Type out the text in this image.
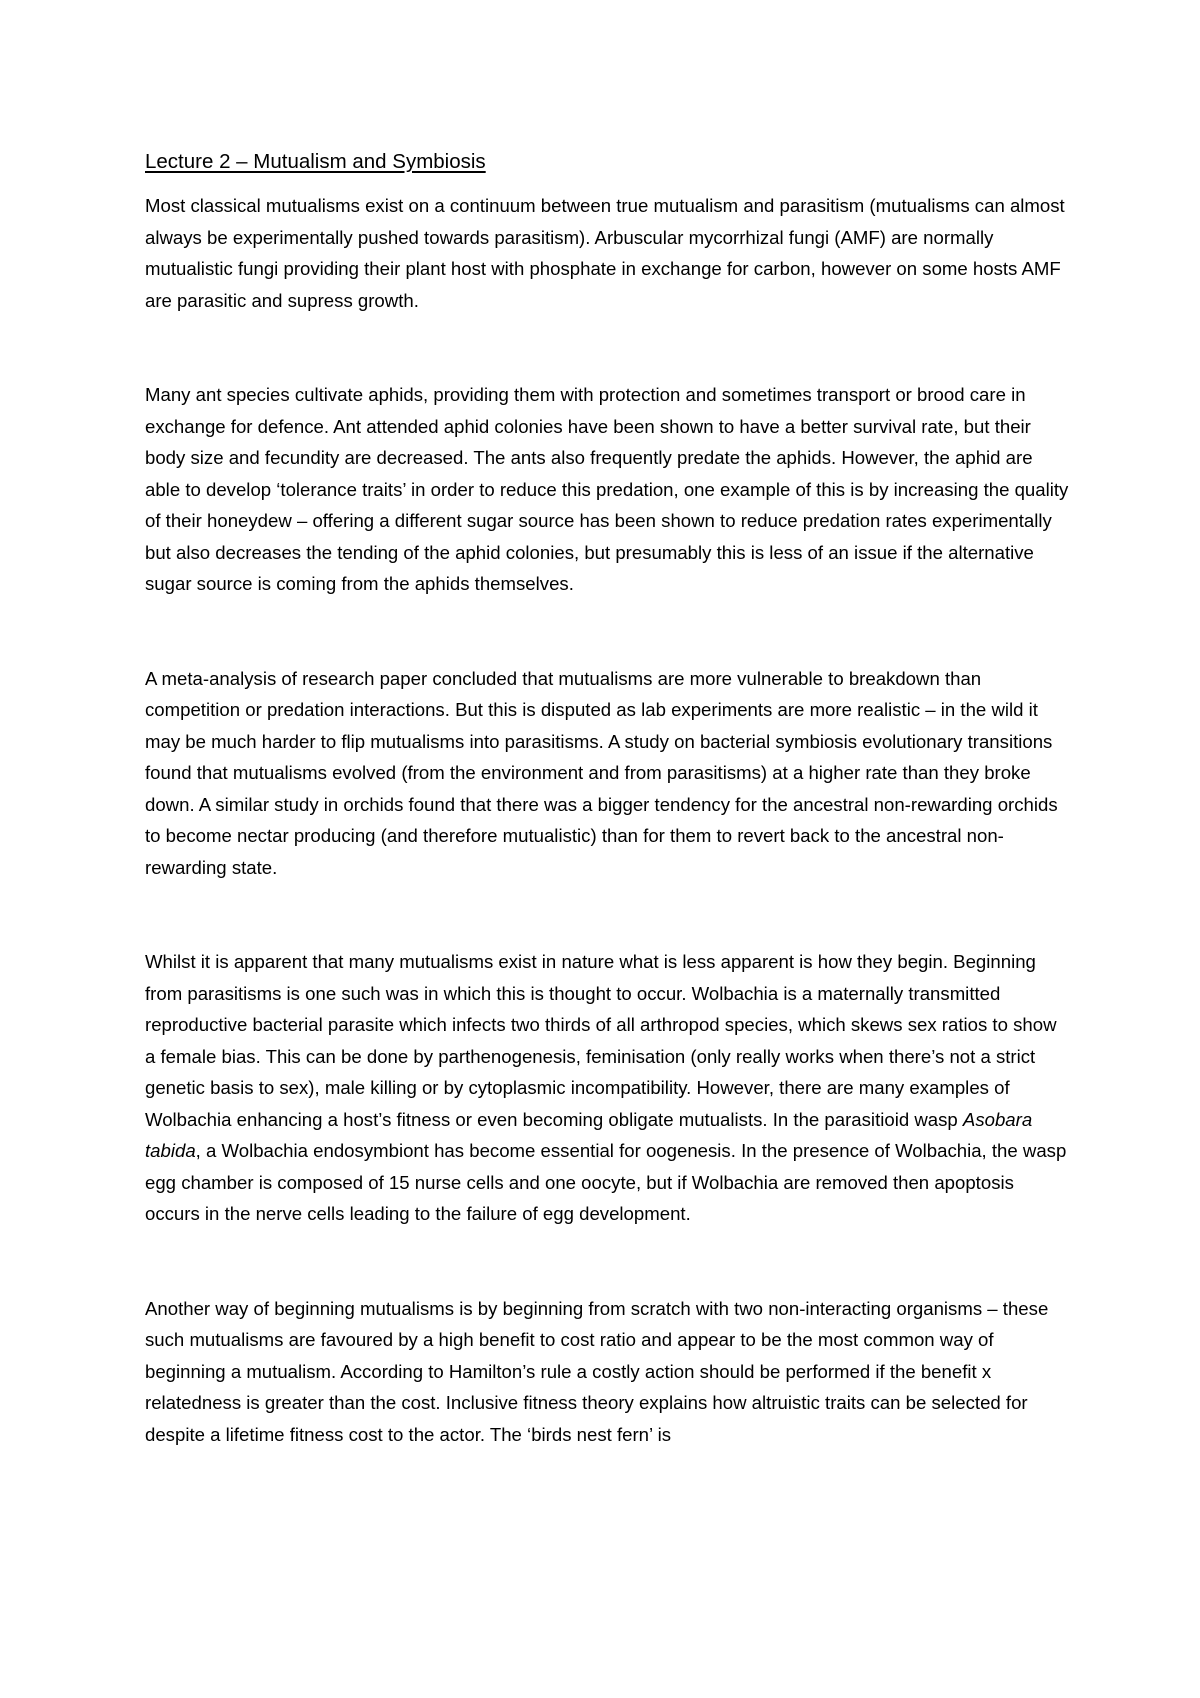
Lecture 2 – Mutualism and Symbiosis

Most classical mutualisms exist on a continuum between true mutualism and parasitism (mutualisms can almost always be experimentally pushed towards parasitism). Arbuscular mycorrhizal fungi (AMF) are normally mutualistic fungi providing their plant host with phosphate in exchange for carbon, however on some hosts AMF are parasitic and supress growth.

Many ant species cultivate aphids, providing them with protection and sometimes transport or brood care in exchange for defence. Ant attended aphid colonies have been shown to have a better survival rate, but their body size and fecundity are decreased. The ants also frequently predate the aphids. However, the aphid are able to develop ‘tolerance traits’ in order to reduce this predation, one example of this is by increasing the quality of their honeydew – offering a different sugar source has been shown to reduce predation rates experimentally but also decreases the tending of the aphid colonies, but presumably this is less of an issue if the alternative sugar source is coming from the aphids themselves.

A meta-analysis of research paper concluded that mutualisms are more vulnerable to breakdown than competition or predation interactions. But this is disputed as lab experiments are more realistic – in the wild it may be much harder to flip mutualisms into parasitisms. A study on bacterial symbiosis evolutionary transitions found that mutualisms evolved (from the environment and from parasitisms) at a higher rate than they broke down. A similar study in orchids found that there was a bigger tendency for the ancestral non-rewarding orchids to become nectar producing (and therefore mutualistic) than for them to revert back to the ancestral non-rewarding state.

Whilst it is apparent that many mutualisms exist in nature what is less apparent is how they begin. Beginning from parasitisms is one such was in which this is thought to occur. Wolbachia is a maternally transmitted reproductive bacterial parasite which infects two thirds of all arthropod species, which skews sex ratios to show a female bias. This can be done by parthenogenesis, feminisation (only really works when there’s not a strict genetic basis to sex), male killing or by cytoplasmic incompatibility. However, there are many examples of Wolbachia enhancing a host’s fitness or even becoming obligate mutualists. In the parasitioid wasp Asobara tabida, a Wolbachia endosymbiont has become essential for oogenesis. In the presence of Wolbachia, the wasp egg chamber is composed of 15 nurse cells and one oocyte, but if Wolbachia are removed then apoptosis occurs in the nerve cells leading to the failure of egg development.

Another way of beginning mutualisms is by beginning from scratch with two non-interacting organisms – these such mutualisms are favoured by a high benefit to cost ratio and appear to be the most common way of beginning a mutualism. According to Hamilton’s rule a costly action should be performed if the benefit x relatedness is greater than the cost. Inclusive fitness theory explains how altruistic traits can be selected for despite a lifetime fitness cost to the actor. The ‘birds nest fern’ is
